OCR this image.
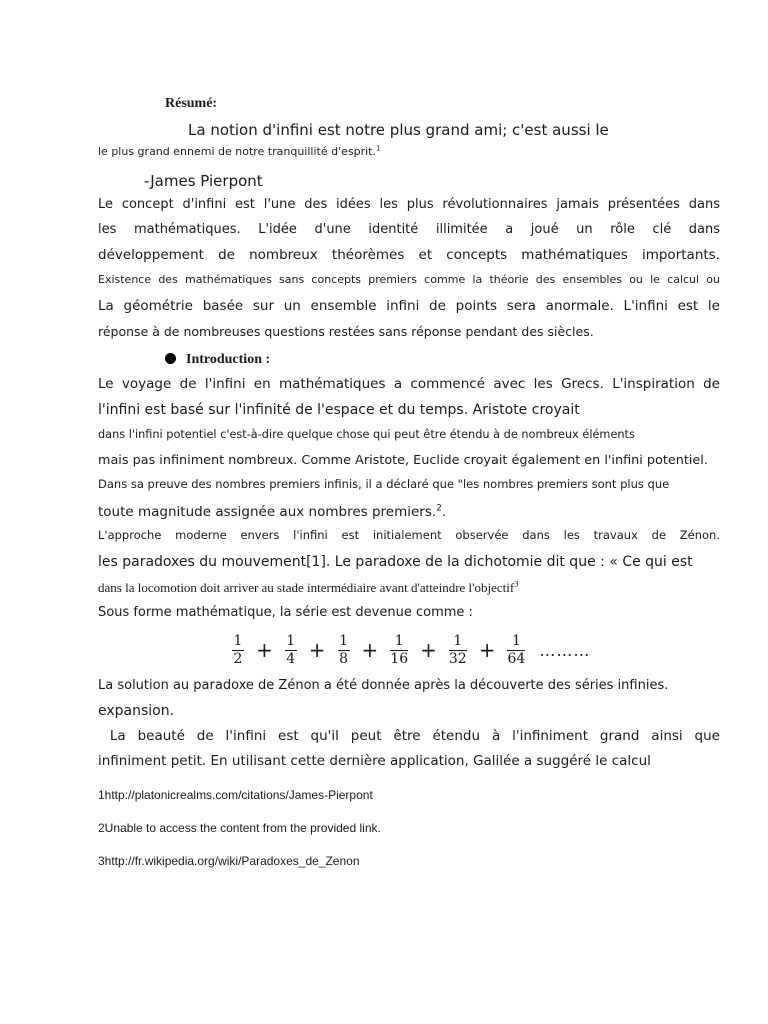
Résumé:
La notion d'infini est notre plus grand ami; c'est aussi le
le plus grand ennemi de notre tranquillité d'esprit.$^1$
-James Pierpont
Le concept d'infini est l'une des idées les plus révolutionnaires jamais présentées dans
les mathématiques. L'idée d'une identité illimitée a joué un rôle clé dans
développement de nombreux théorèmes et concepts mathématiques importants.
Existence des mathématiques sans concepts premiers comme la théorie des ensembles ou le calcul ou
La géométrie basée sur un ensemble infini de points sera anormale. L'infini est le
réponse à de nombreuses questions restées sans réponse pendant des siècles.
Introduction :
Le voyage de l'infini en mathématiques a commencé avec les Grecs. L'inspiration de
l'infini est basé sur l'infinité de l'espace et du temps. Aristote croyait
dans l'infini potentiel c'est-à-dire quelque chose qui peut être étendu à de nombreux éléments
mais pas infiniment nombreux. Comme Aristote, Euclide croyait également en l'infini potentiel.
Dans sa preuve des nombres premiers infinis, il a déclaré que "les nombres premiers sont plus que
toute magnitude assignée aux nombres premiers.$^2$.
L'approche moderne envers l'infini est initialement observée dans les travaux de Zénon.
les paradoxes du mouvement[1]. Le paradoxe de la dichotomie dit que : « Ce qui est
dans la locomotion doit arriver au stade intermédiaire avant d'atteindre l'objectif$^3$
Sous forme mathématique, la série est devenue comme :
$\frac{1}{2} + \frac{1}{4} + \frac{1}{8} + \frac{1}{16} + \frac{1}{32} + \frac{1}{64}$ ………
La solution au paradoxe de Zénon a été donnée après la découverte des séries infinies.
expansion.
La beauté de l'infini est qu'il peut être étendu à l'infiniment grand ainsi que
infiniment petit. En utilisant cette dernière application, Galilée a suggéré le calcul
1http://platonicrealms.com/citations/James-Pierpont
2Unable to access the content from the provided link.
3http://fr.wikipedia.org/wiki/Paradoxes_de_Zenon
